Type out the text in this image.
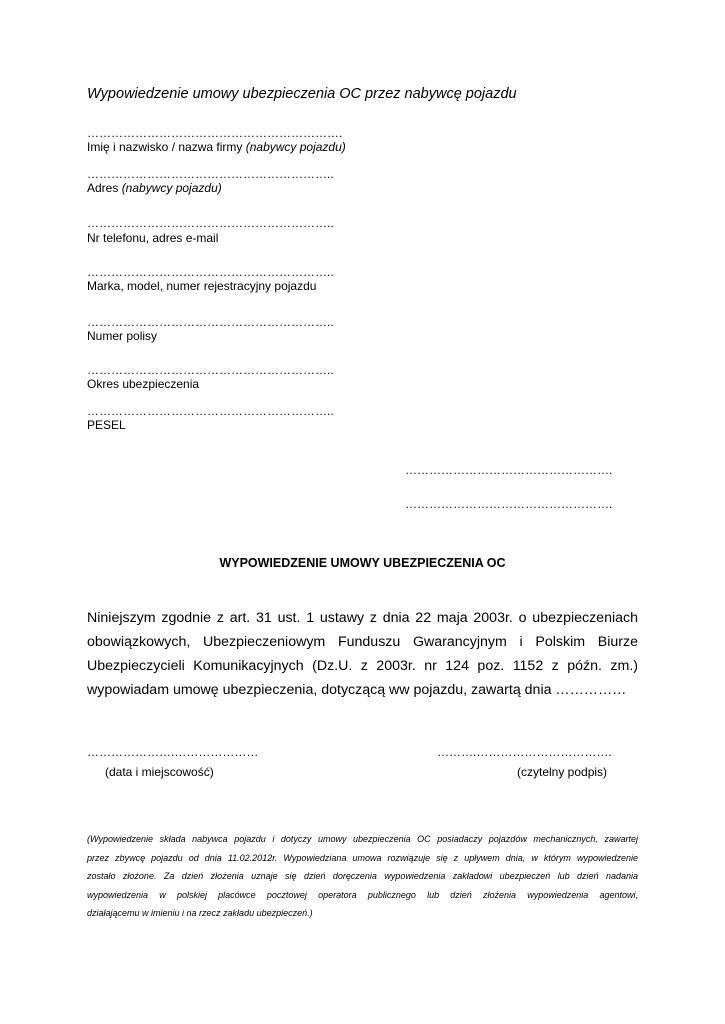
Wypowiedzenie umowy ubezpieczenia OC przez nabywcę pojazdu
……………………………………………………….
Imię i nazwisko / nazwa firmy (nabywcy pojazdu)
……………………………………………………..
Adres (nabywcy pojazdu)
……………………………………………………..
Nr telefonu, adres e-mail
……………………………………………………..
Marka, model, numer rejestracyjny pojazdu
……………………………………………………..
Numer polisy
……………………………………………………..
Okres ubezpieczenia
……………………………………………………..
PESEL
…………………………………………….
…………………………………………….
WYPOWIEDZENIE UMOWY UBEZPIECZENIA OC
Niniejszym zgodnie z art. 31 ust. 1 ustawy z dnia 22 maja 2003r. o ubezpieczeniach
obowiązkowych, Ubezpieczeniowym Funduszu Gwarancyjnym i Polskim Biurze
Ubezpieczycieli Komunikacyjnych (Dz.U. z 2003r. nr 124 poz. 1152 z późn. zm.)
wypowiadam umowę ubezpieczenia, dotyczącą ww pojazdu, zawartą dnia ……………
………………….…………………
(data i miejscowość)
……….…………………………….
(czytelny podpis)
(Wypowiedzenie składa nabywca pojazdu i dotyczy umowy ubezpieczenia OC posiadaczy pojazdów mechanicznych, zawartej
przez zbywcę pojazdu od dnia 11.02.2012r. Wypowiedziana umowa rozwiązuje się z upływem dnia, w którym wypowiedzenie
zostało złożone. Za dzień złożenia uznaje się dzień doręczenia wypowiedzenia zakładowi ubezpieczeń lub dzień nadania
wypowiedzenia w polskiej placówce pocztowej operatora publicznego lub dzień złożenia wypowiedzenia agentowi,
działającemu w imieniu i na rzecz zakładu ubezpieczeń.)
